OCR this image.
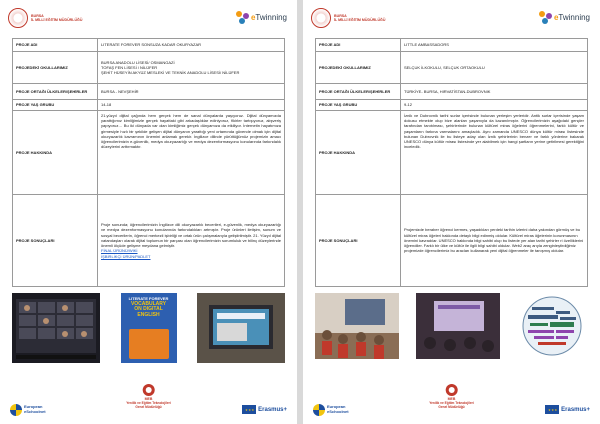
BURSA
İL MİLLİ EĞİTİM MÜDÜRLÜĞÜ	eTwinning
PROJE ADI	LITERATE FOREVER SONSUZA KADAR OKURYAZAR
PROJEDEKİ OKULLARIMIZ	BURSA ANADOLU LİSESİ/ OSMANGAZİ
TOFAŞ FEN LİSESİ / NİLÜFER
ŞEHİT HÜSEYİN AKYÜZ MESLEKİ VE TEKNİK ANADOLU LİSESİ/ NİLÜFER
PROJE ORTAĞI ÜLKELER/ŞEHİRLER	BURSA - NEVŞEHİR
PROJE YAŞ GRUBU	14-18
PROJE HAKKINDA	21.yüzyıl dijital çağında hem gerçek hem de sanal dünyalarda yaşıyoruz. Dijital dünyamızda yarattığımız kimliğimizle gerçek hayattaki gibi arkadaşlıklar ediniyoruz, fikirler tartışıyoruz, alışveriş yapıyoruz… Bu iki dünyada var olan kimliğimiz gerçek dünyamıza da etkiliyor. İnternetin hayatımıza girmesiyle hızlı bir şekilde gelişen dijital dünyanın yarattığı yeni ortamında güvende olmak için dijital okuryazarlık kavramının önemini anlamak gerekir. İngilizce dilinde yürüttüğümüz projemizin amacı öğrencilerimizin e-güvenlik, medya okuryazarlığı ve medya dezenformasyonu konularında farkındalık düzeylerini arttırmaktır.
PROJE SONUÇLARI	Proje sonunda; öğrencilerimizin İngilizce dili okuryazarlık becerileri, e-güvenlik, medya okuryazarlığı ve medya dezenformasyonu konularında farkındalıkları artmıştır. Proje ürünleri iletişim, sunum ve sosyal becerilerin, öğrenci merkezli işbirliği ve ortak ürün çalışmalarıyla geliştirilmiştir. 21. Yüzyıl dijital vatandaşları olarak dijital toplumun bir parçası olan öğrencilerimizin sorumluluk ve bilinç düzeylerinde önemli ölçüde gelişme meydana gelmiştir.
FİNAL ÜRÜNÜ/WIKİ
İŞBİRLİKÇİ ÜRÜN/PADLET
LITERATE FOREVER
VOCABULARY
ON DIGITAL
ENGLISH
European
eSchoolnet
MEB
Yenilik ve Eğitim Teknolojileri
Genel Müdürlüğü ★★★	Erasmus+
BURSA
İL MİLLİ EĞİTİM MÜDÜRLÜĞÜ	eTwinning
PROJE ADI	LITTLE AMBASSADORS
PROJEDEKİ OKULLARIMIZ	SELÇUK İLKOKULU, SELÇUK ORTAOKULU
PROJE ORTAĞI ÜLKELER/ŞEHİRLER	TÜRKİYE- BURSA, HIRVATİSTAN-DUBROVNIK
PROJE YAŞ GRUBU	9-12
PROJE HAKKINDA	İznik ve Dubrovnik tarihi surlar içerisinde bulunan yerleşim yerleridir. Antik surlar içerisinde yaşam dokusu etmekte olup bize alanları yaşamıyla da kazanılmıştır. Öğrencilerimizin aşağıdaki gençler tarafından tanıtılması, şehirlerinde bulunan kültürel miras öğelerini öğrenmelerini, farklı kültür ve yaşamların farkına varmalarını amaçladık. Aynı zamanda UNESCO dünya kültür mirası listesinde bulunan Dubrovnik ile bu listeye aday olan İznik şehirlerinin benzer ve farklı yönlerine bakarak UNESCO dünya kültür mirası listesinde yer alabilmek için hangi şartların yerine getirilmesi gerektiğini inceledik.
PROJE SONUÇLARI	Projemizde beraber öğrenci kermes, yaşadıkları yerdeki tarihin izlerini daha yakından görmüş ve bu kültürel miras öğeleri hakkında detaylı bilgi edinmiş oldular. Kültürel miras öğelerinin korunmasının önemini kavradılar. UNESCO hakkında bilgi sahibi olup bu listede yer alan tarihi şehirler ri özelliklerini öğrendiler. Farklı bir ülke ve kültür ile ilgili bilgi sahibi oldular. Web2 araç arıyla zenginleştirdiğimiz projemizde öğrencilerimiz bu aracları kullanarak yeni dijital öğrenmeler ile tanışmış oldular.
European
eSchoolnet
MEB
Yenilik ve Eğitim Teknolojileri
Genel Müdürlüğü ★★★	Erasmus+
